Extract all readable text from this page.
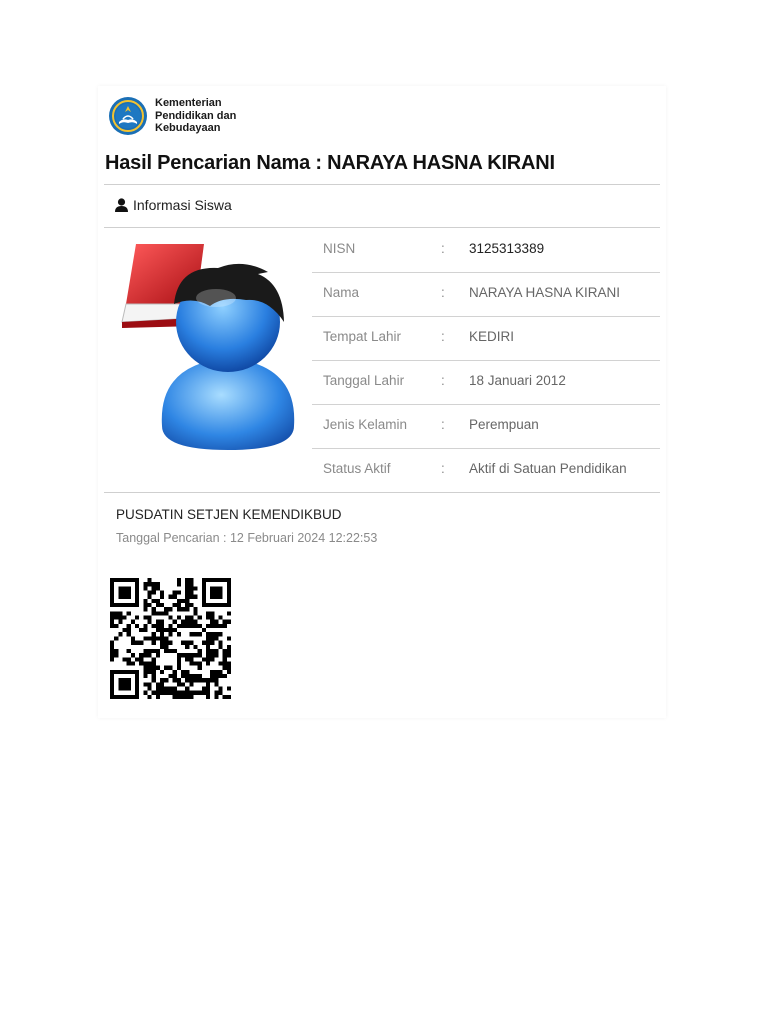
Kementerian
Pendidikan dan
Kebudayaan
Hasil Pencarian Nama : NARAYA HASNA KIRANI
Informasi Siswa
NISN	: 3125313389
Nama	: NARAYA HASNA KIRANI
Tempat Lahir	: KEDIRI
Tanggal Lahir	: 18 Januari 2012
Jenis Kelamin	: Perempuan
Status Aktif	: Aktif di Satuan Pendidikan
PUSDATIN SETJEN KEMENDIKBUD
Tanggal Pencarian : 12 Februari 2024 12:22:53
